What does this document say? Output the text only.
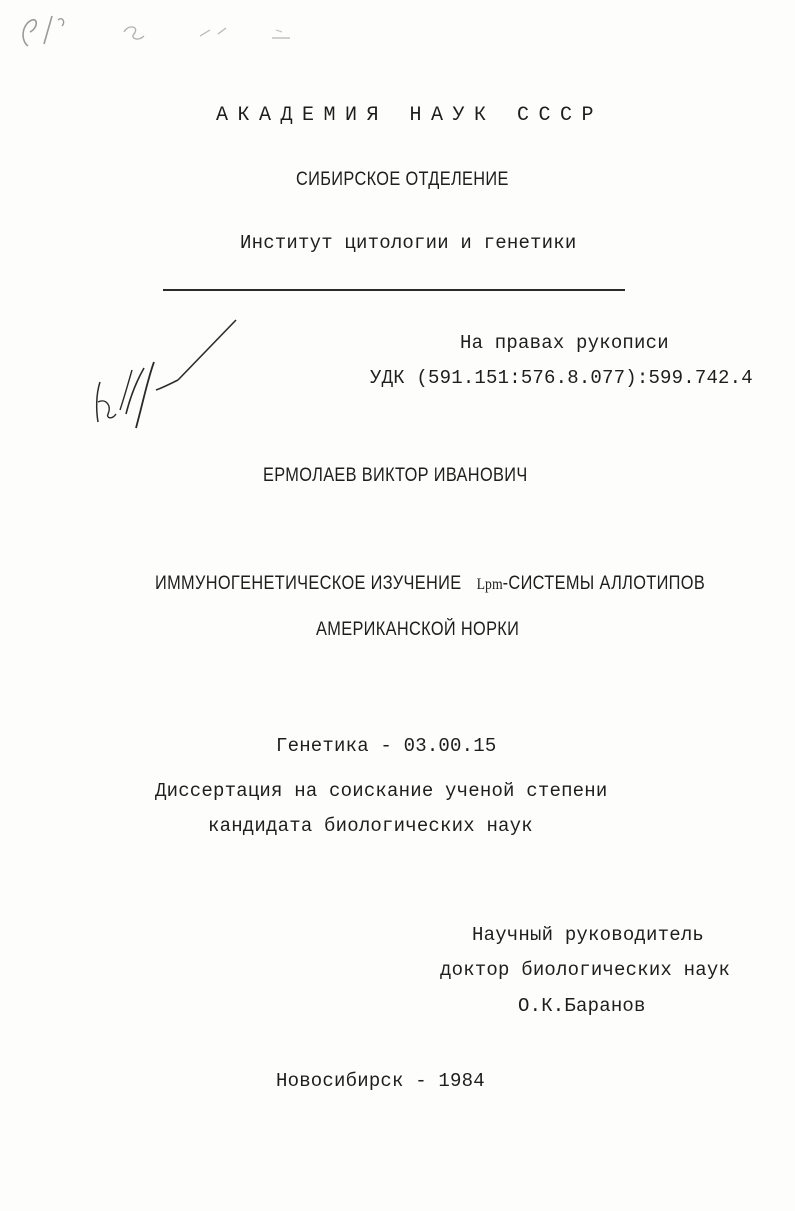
АКАДЕМИЯ НАУК СССР
СИБИРСКОЕ ОТДЕЛЕНИЕ
Институт цитологии и генетики
На правах рукописи
УДК (591.151:576.8.077):599.742.4
ЕРМОЛАЕВ ВИКТОР ИВАНОВИЧ
ИММУНОГЕНЕТИЧЕСКОЕ ИЗУЧЕНИЕ Lpm-СИСТЕМЫ АЛЛОТИПОВ
АМЕРИКАНСКОЙ НОРКИ
Генетика - 03.00.15
Диссертация на соискание ученой степени
кандидата биологических наук
Научный руководитель
доктор биологических наук
О.К.Баранов
Новосибирск - 1984
